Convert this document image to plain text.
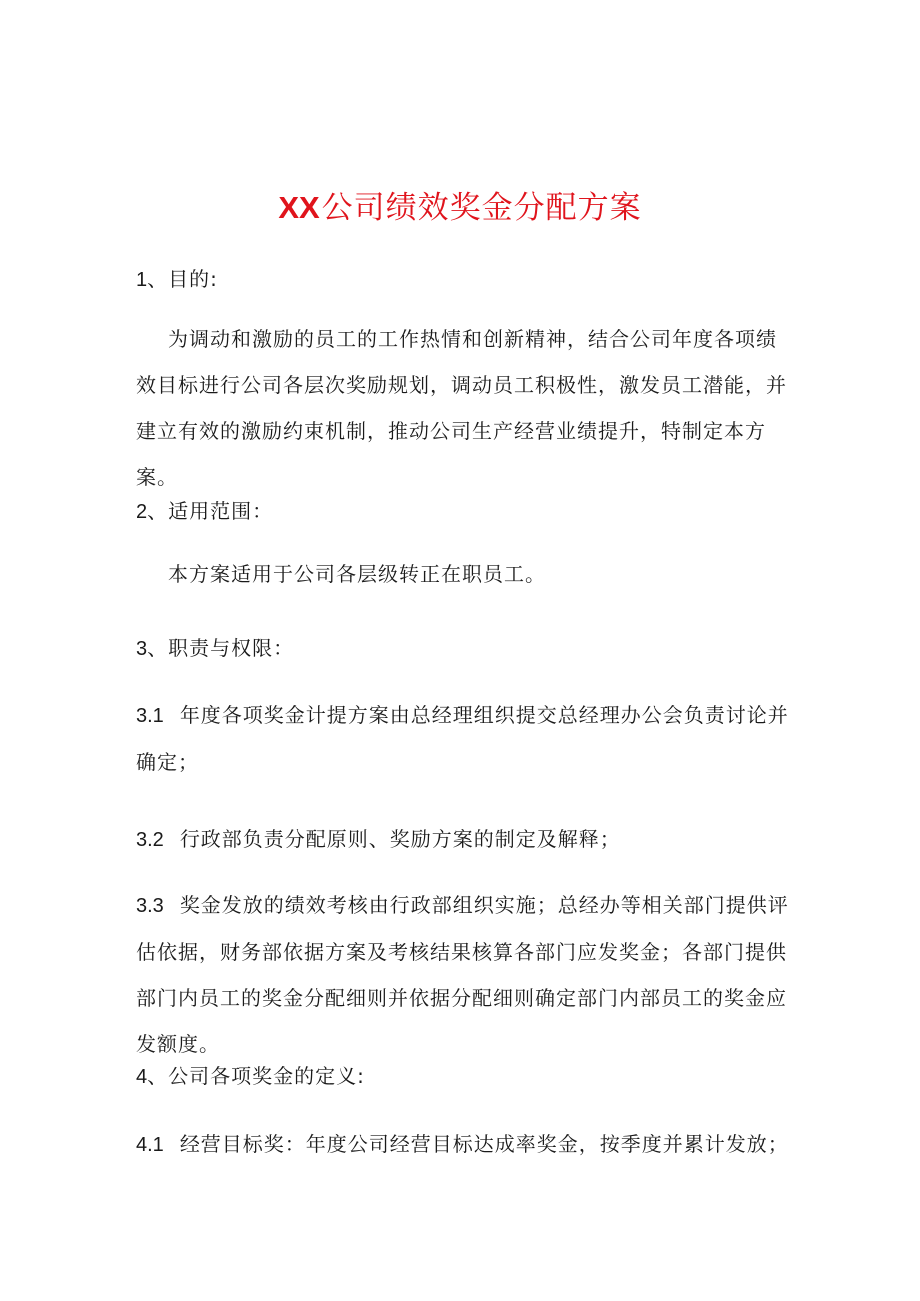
XX公司绩效奖金分配方案

1、目的:

为调动和激励的员工的工作热情和创新精神，结合公司年度各项绩效目标进行公司各层次奖励规划，调动员工积极性，激发员工潜能，并建立有效的激励约束机制，推动公司生产经营业绩提升，特制定本方案。

2、适用范围：

本方案适用于公司各层级转正在职员工。

3、职责与权限：

3.1 年度各项奖金计提方案由总经理组织提交总经理办公会负责讨论并确定；

3.2 行政部负责分配原则、奖励方案的制定及解释；

3.3 奖金发放的绩效考核由行政部组织实施；总经办等相关部门提供评估依据，财务部依据方案及考核结果核算各部门应发奖金；各部门提供部门内员工的奖金分配细则并依据分配细则确定部门内部员工的奖金应发额度。

4、公司各项奖金的定义:

4.1 经营目标奖：年度公司经营目标达成率奖金，按季度并累计发放；
